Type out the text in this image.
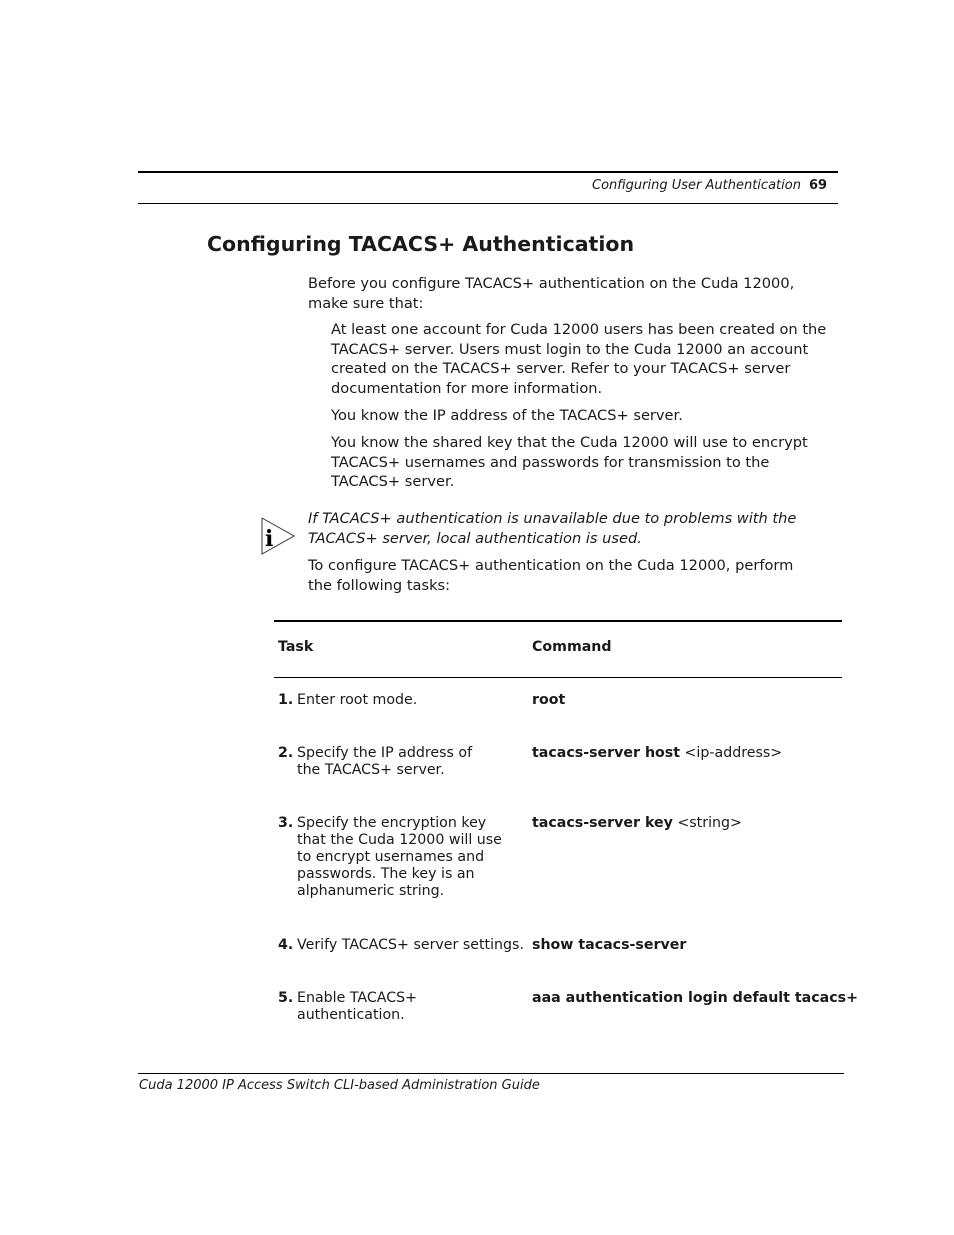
Configuring User Authentication 69
Configuring TACACS+ Authentication
Before you configure TACACS+ authentication on the Cuda 12000, make sure that:
At least one account for Cuda 12000 users has been created on the TACACS+ server. Users must login to the Cuda 12000 an account created on the TACACS+ server. Refer to your TACACS+ server documentation for more information.
You know the IP address of the TACACS+ server.
You know the shared key that the Cuda 12000 will use to encrypt TACACS+ usernames and passwords for transmission to the TACACS+ server.
i
If TACACS+ authentication is unavailable due to problems with the TACACS+ server, local authentication is used.
To configure TACACS+ authentication on the Cuda 12000, perform the following tasks:
Task	Command
1. Enter root mode.	root
2. Specify the IP address of the TACACS+ server.
tacacs-server host <ip-address>
3. Specify the encryption key that the Cuda 12000 will use to encrypt usernames and passwords. The key is an alphanumeric string.
tacacs-server key <string>
4. Verify TACACS+ server settings. show tacacs-server
5. Enable TACACS+ authentication.
aaa authentication login default tacacs+
Cuda 12000 IP Access Switch CLI-based Administration Guide
